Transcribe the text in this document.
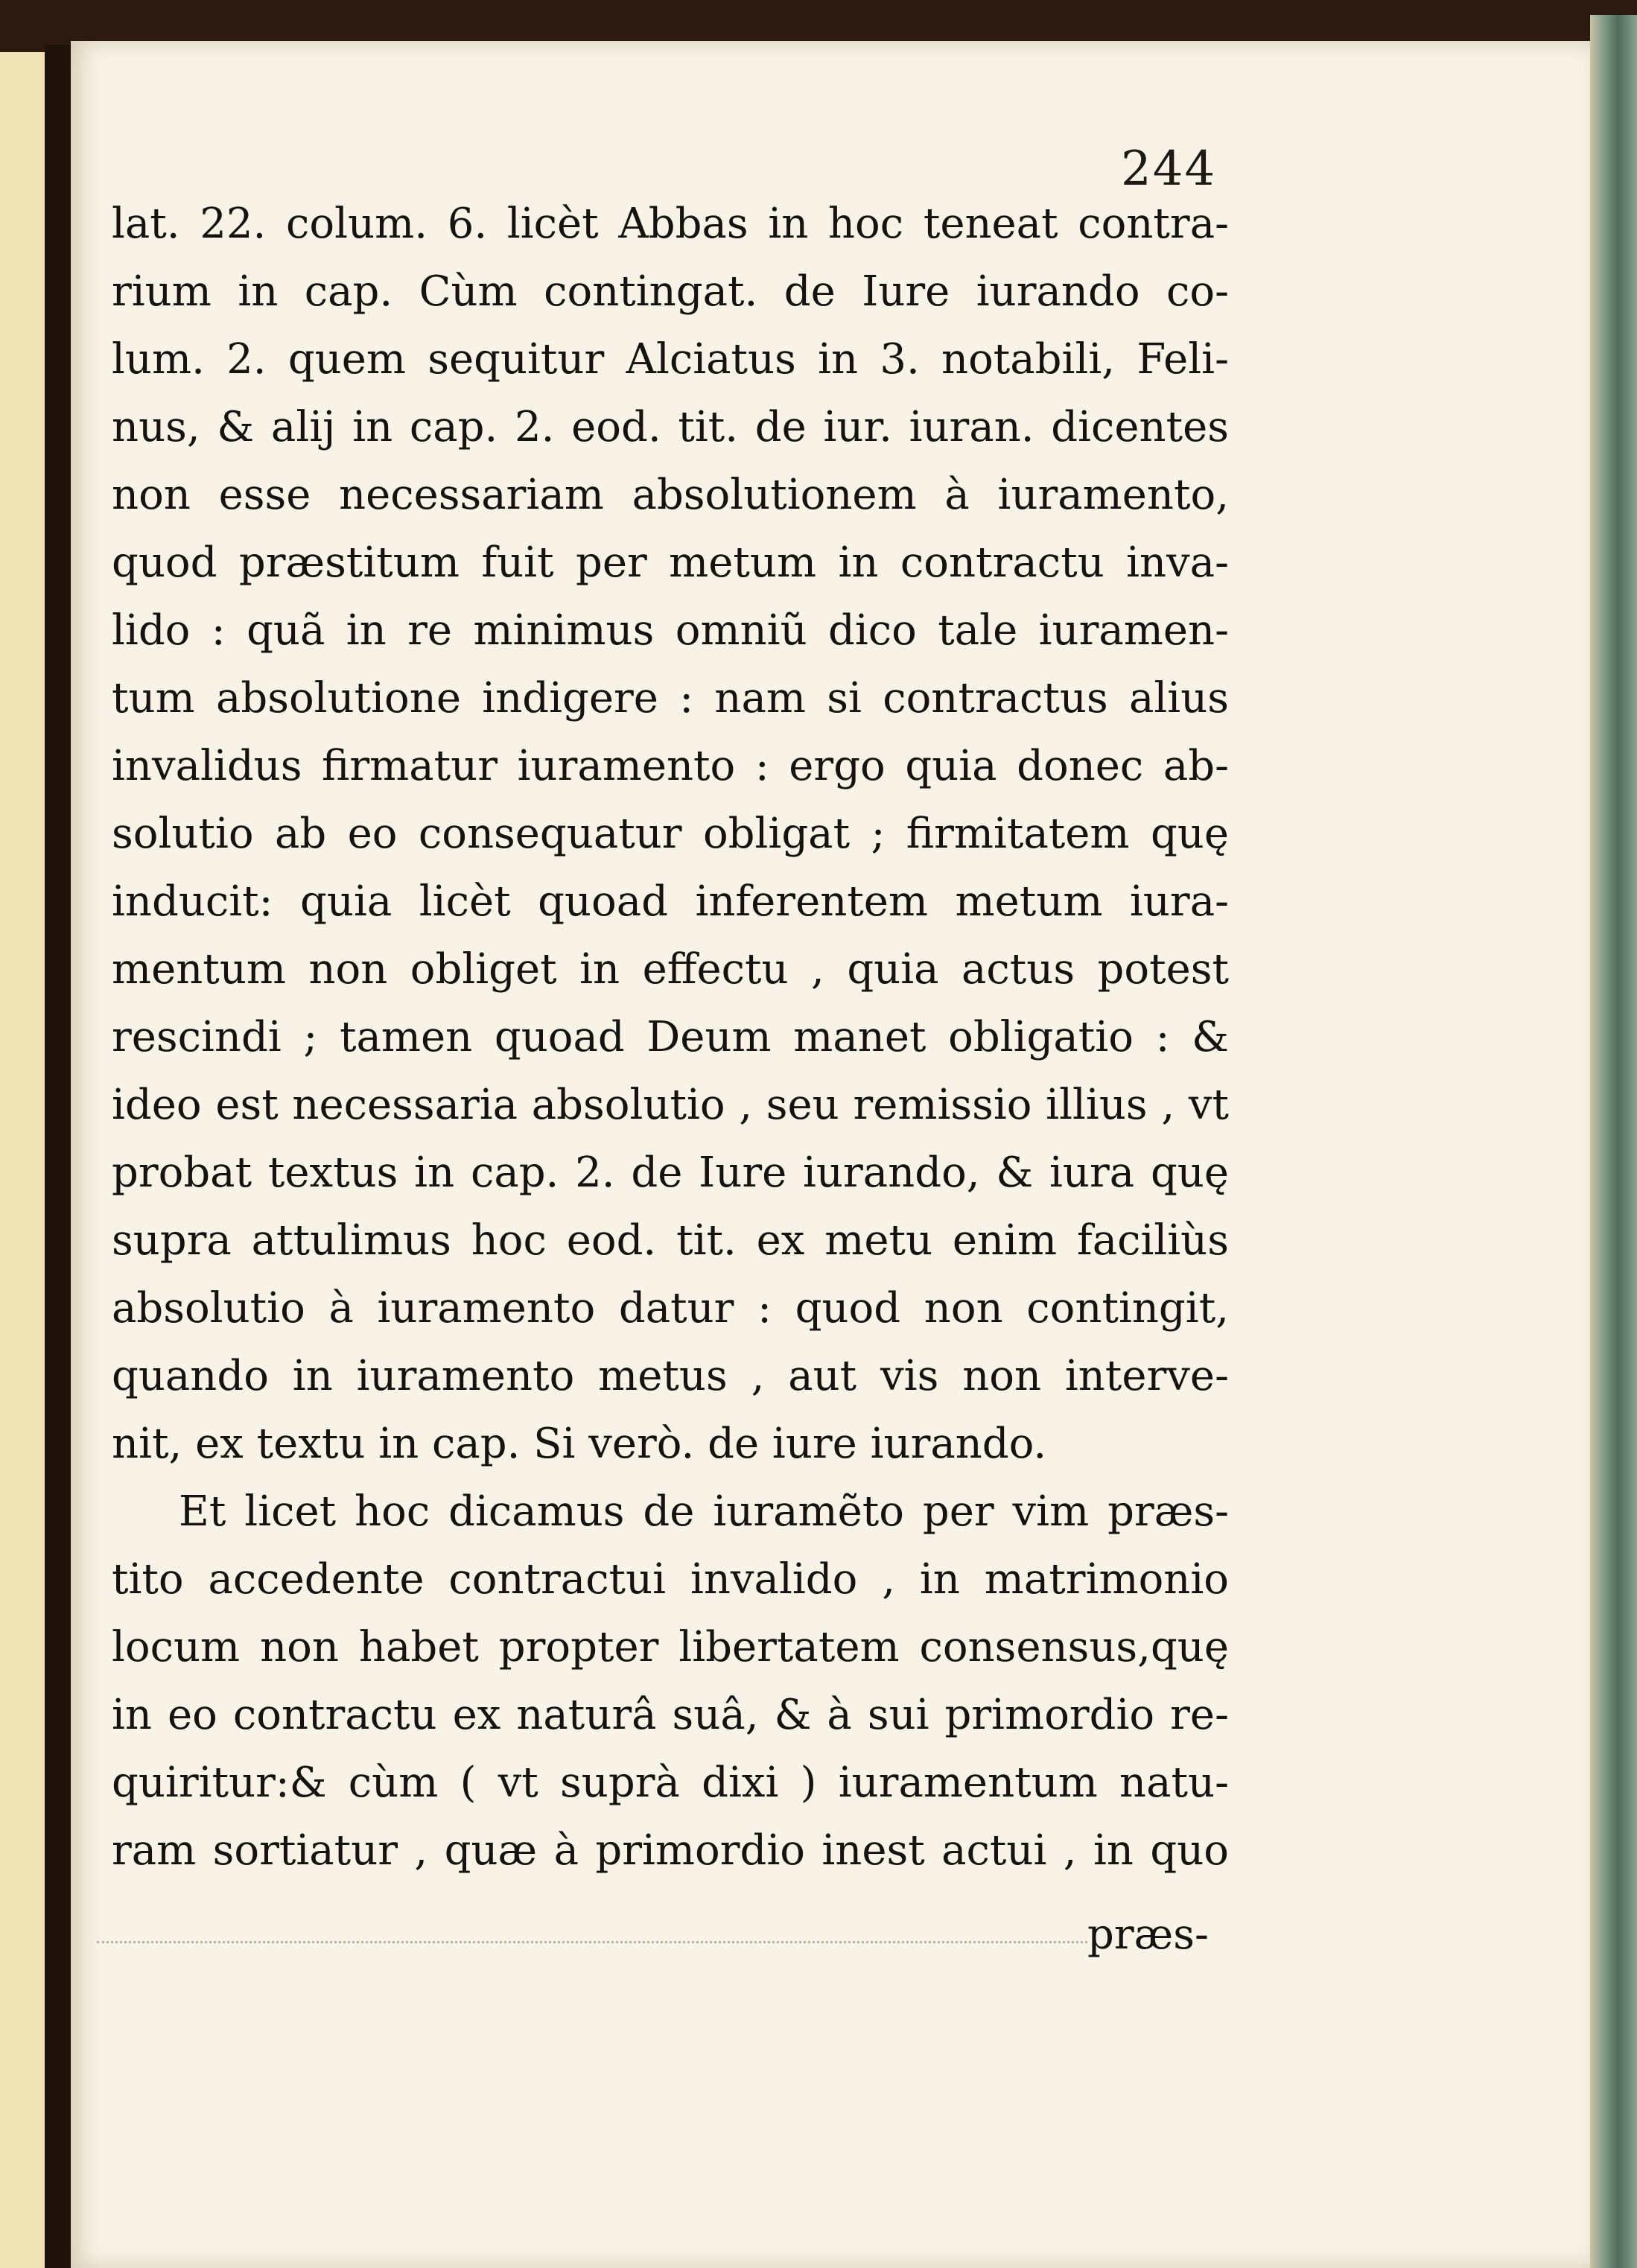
244
lat. 22. colum. 6. licèt Abbas in hoc teneat contra-
rium in cap. Cùm contingat. de Iure iurando co-
lum. 2. quem sequitur Alciatus in 3. notabili, Feli-
nus, & alij in cap. 2. eod. tit. de iur. iuran. dicentes
non esse necessariam absolutionem à iuramento,
quod præstitum fuit per metum in contractu inva-
lido : quã in re minimus omniũ dico tale iuramen-
tum absolutione indigere : nam si contractus alius
invalidus firmatur iuramento : ergo quia donec ab-
solutio ab eo consequatur obligat ; firmitatem quę
inducit: quia licèt quoad inferentem metum iura-
mentum non obliget in effectu , quia actus potest
rescindi ; tamen quoad Deum manet obligatio : &
ideo est necessaria absolutio , seu remissio illius , vt
probat textus in cap. 2. de Iure iurando, & iura quę
supra attulimus hoc eod. tit. ex metu enim faciliùs
absolutio à iuramento datur : quod non contingit,
quando in iuramento metus , aut vis non interve-
nit, ex textu in cap. Si verò. de iure iurando.
Et licet hoc dicamus de iuramẽto per vim præs-
tito accedente contractui invalido , in matrimonio
locum non habet propter libertatem consensus,quę
in eo contractu ex naturâ suâ, & à sui primordio re-
quiritur:& cùm ( vt suprà dixi ) iuramentum natu-
ram sortiatur , quæ à primordio inest actui , in quo
præs-
